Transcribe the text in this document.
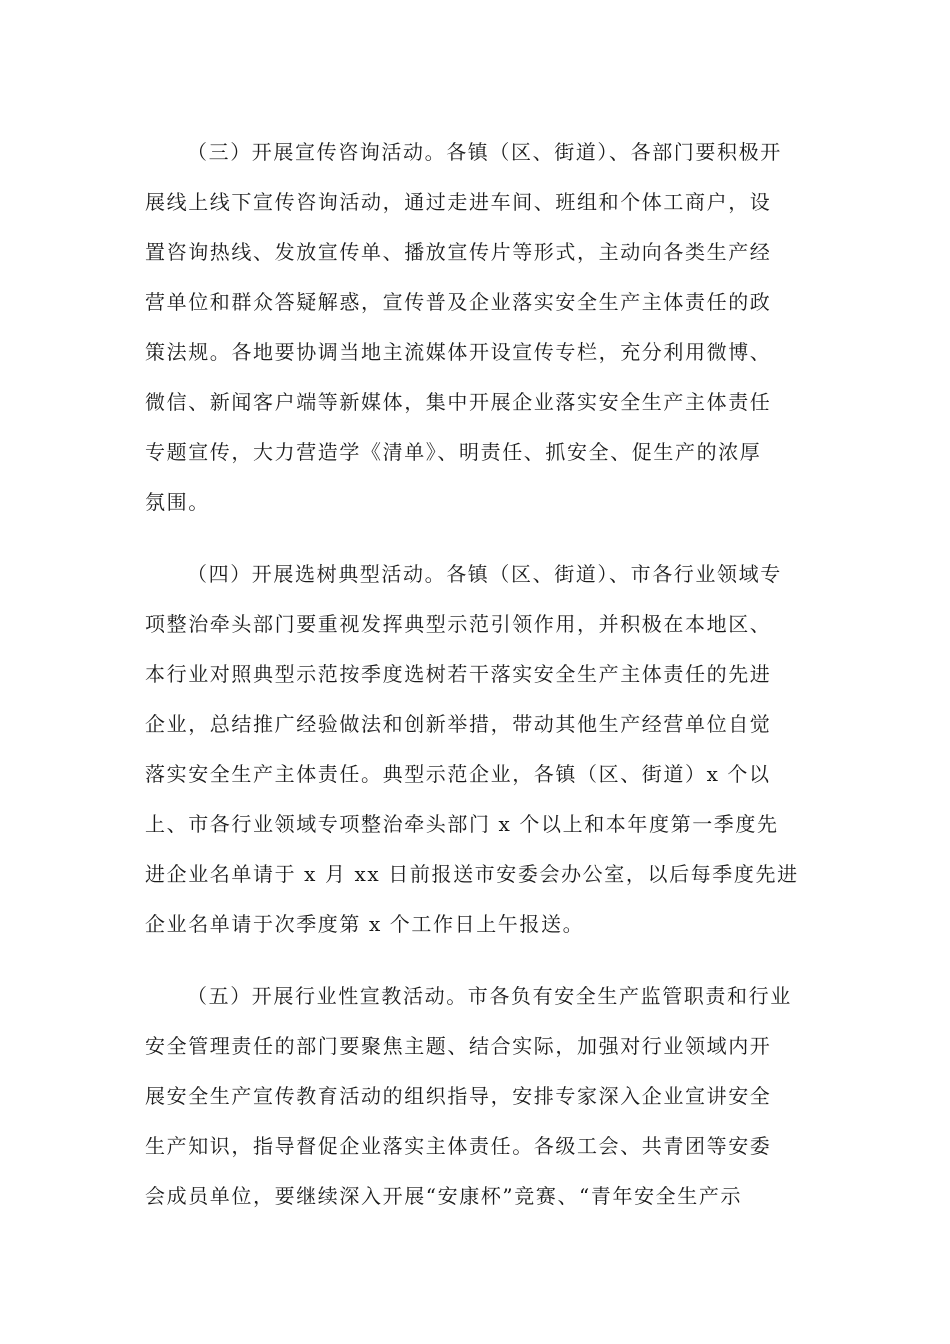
（三）开展宣传咨询活动。各镇（区、街道）、各部门要积极开
展线上线下宣传咨询活动，通过走进车间、班组和个体工商户，设
置咨询热线、发放宣传单、播放宣传片等形式，主动向各类生产经
营单位和群众答疑解惑，宣传普及企业落实安全生产主体责任的政
策法规。各地要协调当地主流媒体开设宣传专栏，充分利用微博、
微信、新闻客户端等新媒体，集中开展企业落实安全生产主体责任
专题宣传，大力营造学《清单》、明责任、抓安全、促生产的浓厚
氛围。
（四）开展选树典型活动。各镇（区、街道）、市各行业领域专
项整治牵头部门要重视发挥典型示范引领作用，并积极在本地区、
本行业对照典型示范按季度选树若干落实安全生产主体责任的先进
企业，总结推广经验做法和创新举措，带动其他生产经营单位自觉
落实安全生产主体责任。典型示范企业，各镇（区、街道）x 个以
上、市各行业领域专项整治牵头部门 x 个以上和本年度第一季度先
进企业名单请于 x 月 xx 日前报送市安委会办公室，以后每季度先进
企业名单请于次季度第 x 个工作日上午报送。
（五）开展行业性宣教活动。市各负有安全生产监管职责和行业
安全管理责任的部门要聚焦主题、结合实际，加强对行业领域内开
展安全生产宣传教育活动的组织指导，安排专家深入企业宣讲安全
生产知识，指导督促企业落实主体责任。各级工会、共青团等安委
会成员单位，要继续深入开展“安康杯”竞赛、“青年安全生产示
